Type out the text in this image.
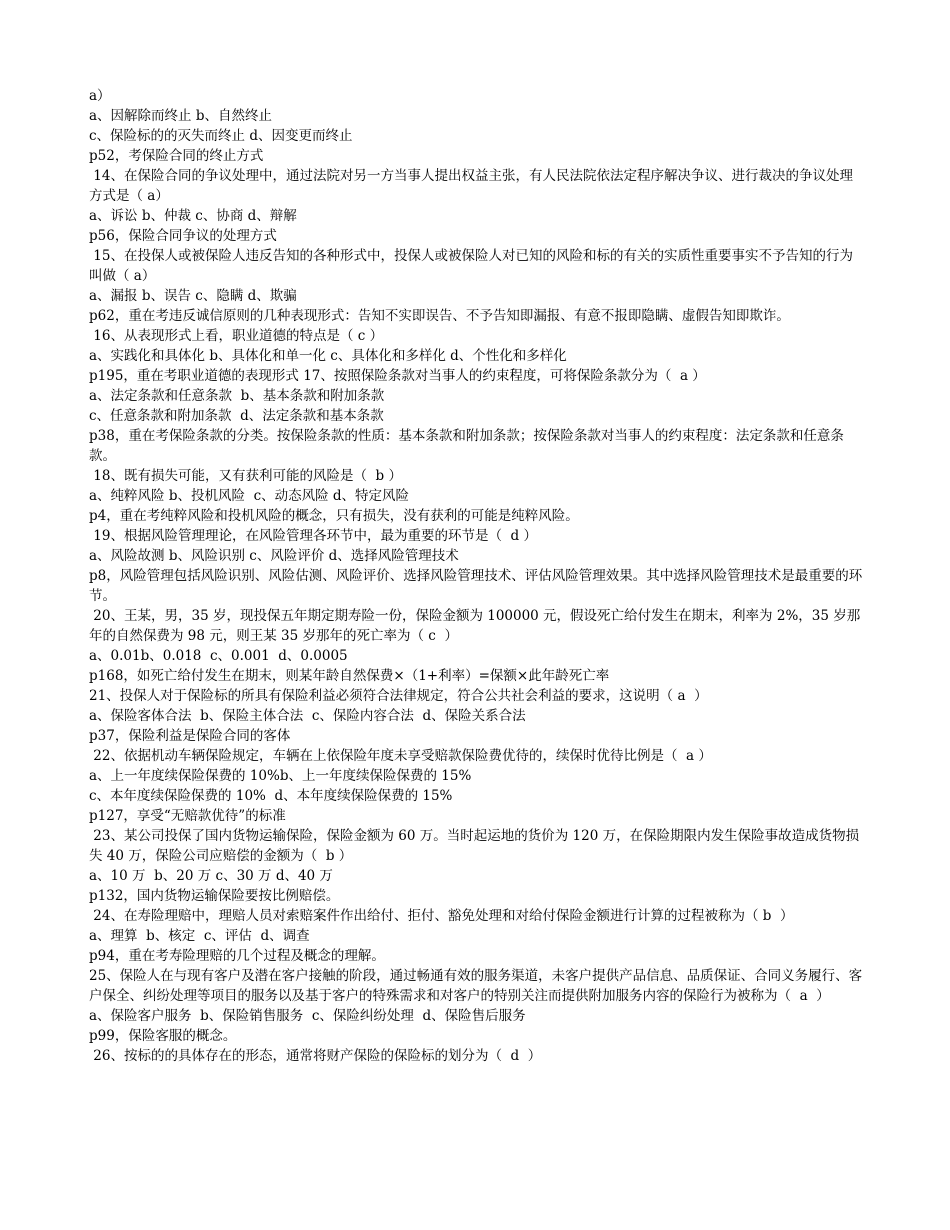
a）
a、因解除而终止 b、自然终止
c、保险标的的灭失而终止 d、因变更而终止
p52，考保险合同的终止方式
14、在保险合同的争议处理中，通过法院对另一方当事人提出权益主张，有人民法院依法定程序解决争议、进行裁决的争议处理方式是（ a）
a、诉讼 b、仲裁 c、协商 d、辩解
p56，保险合同争议的处理方式
15、在投保人或被保险人违反告知的各种形式中，投保人或被保险人对已知的风险和标的有关的实质性重要事实不予告知的行为叫做（ a）
a、漏报 b、误告 c、隐瞒 d、欺骗
p62，重在考违反诚信原则的几种表现形式：告知不实即误告、不予告知即漏报、有意不报即隐瞒、虚假告知即欺诈。
16、从表现形式上看，职业道德的特点是（ c ）
a、实践化和具体化 b、具体化和单一化 c、具体化和多样化 d、个性化和多样化
p195，重在考职业道德的表现形式 17、按照保险条款对当事人的约束程度，可将保险条款分为（  a ）
a、法定条款和任意条款  b、基本条款和附加条款
c、任意条款和附加条款  d、法定条款和基本条款
p38，重在考保险条款的分类。按保险条款的性质：基本条款和附加条款；按保险条款对当事人的约束程度：法定条款和任意条款。
18、既有损失可能，又有获利可能的风险是（  b ）
a、纯粹风险 b、投机风险  c、动态风险 d、特定风险
p4，重在考纯粹风险和投机风险的概念，只有损失，没有获利的可能是纯粹风险。
19、根据风险管理理论，在风险管理各环节中，最为重要的环节是（  d ）
a、风险故测 b、风险识别 c、风险评价 d、选择风险管理技术
p8，风险管理包括风险识别、风险估测、风险评价、选择风险管理技术、评估风险管理效果。其中选择风险管理技术是最重要的环节。
20、王某，男，35 岁，现投保五年期定期寿险一份，保险金额为 100000 元，假设死亡给付发生在期末，利率为 2%，35 岁那年的自然保费为 98 元，则王某 35 岁那年的死亡率为（ c  ）
a、0.01b、0.018  c、0.001  d、0.0005
p168，如死亡给付发生在期末，则某年龄自然保费×（1+利率）=保额×此年龄死亡率
21、投保人对于保险标的所具有保险利益必须符合法律规定，符合公共社会利益的要求，这说明（ a  ）
a、保险客体合法  b、保险主体合法  c、保险内容合法  d、保险关系合法
p37，保险利益是保险合同的客体
22、依据机动车辆保险规定，车辆在上依保险年度未享受赔款保险费优待的，续保时优待比例是（  a ）
a、上一年度续保险保费的 10%b、上一年度续保险保费的 15%
c、本年度续保险保费的 10%  d、本年度续保险保费的 15%
p127，享受“无赔款优待”的标准
23、某公司投保了国内货物运输保险，保险金额为 60 万。当时起运地的货价为 120 万，在保险期限内发生保险事故造成货物损失 40 万，保险公司应赔偿的金额为（  b ）
a、10 万  b、20 万 c、30 万 d、40 万
p132，国内货物运输保险要按比例赔偿。
24、在寿险理赔中，理赔人员对索赔案件作出给付、拒付、豁免处理和对给付保险金额进行计算的过程被称为（ b  ）
a、理算  b、核定  c、评估  d、调查
p94，重在考寿险理赔的几个过程及概念的理解。
25、保险人在与现有客户及潜在客户接触的阶段，通过畅通有效的服务渠道，未客户提供产品信息、品质保证、合同义务履行、客户保全、纠纷处理等项目的服务以及基于客户的特殊需求和对客户的特别关注而提供附加服务内容的保险行为被称为（  a  ）
a、保险客户服务  b、保险销售服务  c、保险纠纷处理  d、保险售后服务
p99，保险客服的概念。
26、按标的的具体存在的形态，通常将财产保险的保险标的划分为（  d  ）
